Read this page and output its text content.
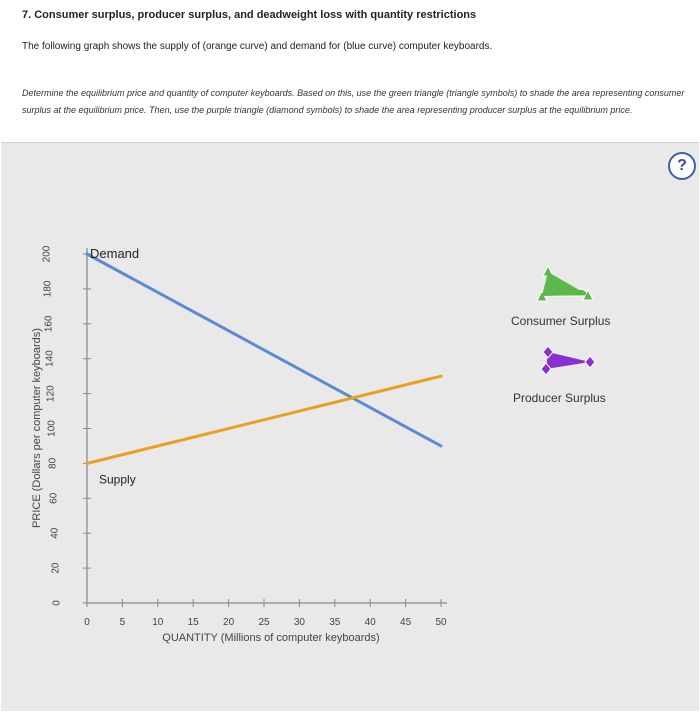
7. Consumer surplus, producer surplus, and deadweight loss with quantity restrictions

The following graph shows the supply of (orange curve) and demand for (blue curve) computer keyboards.

Determine the equilibrium price and quantity of computer keyboards. Based on this, use the green triangle (triangle symbols) to shade the area representing consumer surplus at the equilibrium price. Then, use the purple triangle (diamond symbols) to shade the area representing producer surplus at the equilibrium price.

?
0
20
40
60
80
100
120
140
160
180
200
0	5	10 15 20 25 30 35 40 45 50
PRICE (Dollars per computer keyboards)
QUANTITY (Millions of computer keyboards)
Demand
Supply
Consumer Surplus
Producer Surplus
